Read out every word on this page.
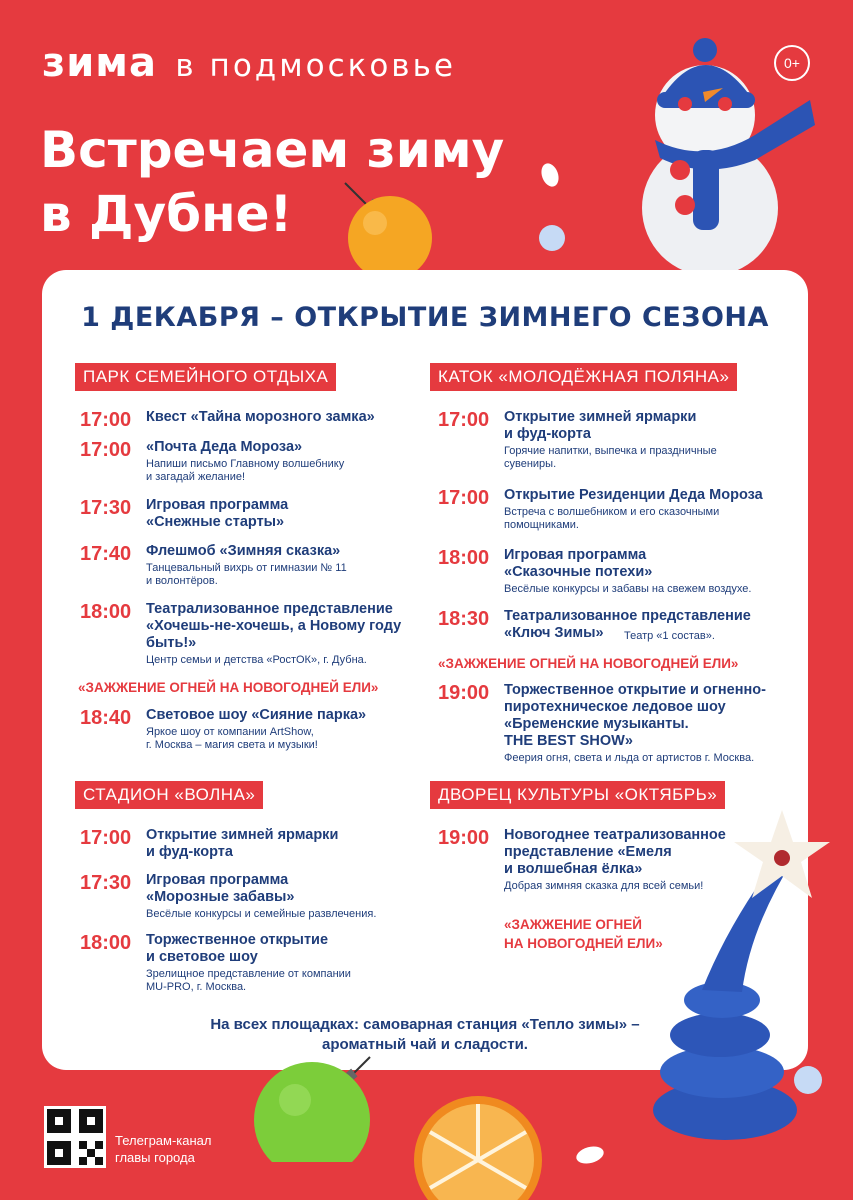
зима в подмосковье	0+
Встречаем зиму
в Дубне!
1 ДЕКАБРЯ – ОТКРЫТИЕ ЗИМНЕГО СЕЗОНА
ПАРК СЕМЕЙНОГО ОТДЫХА	КАТОК «МОЛОДЁЖНАЯ ПОЛЯНА»
СТАДИОН «ВОЛНА»	ДВОРЕЦ КУЛЬТУРЫ «ОКТЯБРЬ»
17:00 Квест «Тайна морозного замка»
17:00 «Почта Деда Мороза»
Напиши письмо Главному волшебнику
и загадай желание!
17:30 Игровая программа
«Снежные старты»
17:40 Флешмоб «Зимняя сказка»
Танцевальный вихрь от гимназии № 11
и волонтёров.
18:00 Театрализованное представление
«Хочешь-не-хочешь, а Новому году
быть!»
Центр семьи и детства «РостОК», г. Дубна.
«ЗАЖЖЕНИЕ ОГНЕЙ НА НОВОГОДНЕЙ ЕЛИ»
18:40 Световое шоу «Сияние парка»
Яркое шоу от компании ArtShow,
г. Москва – магия света и музыки!
17:00 Открытие зимней ярмарки
и фуд-корта
Горячие напитки, выпечка и праздничные
сувениры.
17:00 Открытие Резиденции Деда Мороза
Встреча с волшебником и его сказочными
помощниками.
18:00 Игровая программа
«Сказочные потехи»
Весёлые конкурсы и забавы на свежем воздухе.
18:30 Театрализованное представление
«Ключ Зимы»	Театр «1 состав».
«ЗАЖЖЕНИЕ ОГНЕЙ НА НОВОГОДНЕЙ ЕЛИ»
19:00 Торжественное открытие и огненно-
пиротехническое ледовое шоу
«Бременские музыканты.
THE BEST SHOW»
Феерия огня, света и льда от артистов г. Москва.
17:00 Открытие зимней ярмарки
и фуд-корта
17:30 Игровая программа
«Морозные забавы»
Весёлые конкурсы и семейные развлечения.
18:00 Торжественное открытие
и световое шоу
Зрелищное представление от компании
MU-PRO, г. Москва.
19:00 Новогоднее театрализованное
представление «Емеля
и волшебная ёлка»
Добрая зимняя сказка для всей семьи!
«ЗАЖЖЕНИЕ ОГНЕЙ
НА НОВОГОДНЕЙ ЕЛИ»
На всех площадках: самоварная станция «Тепло зимы» –
ароматный чай и сладости.
Телеграм-канал
главы города
